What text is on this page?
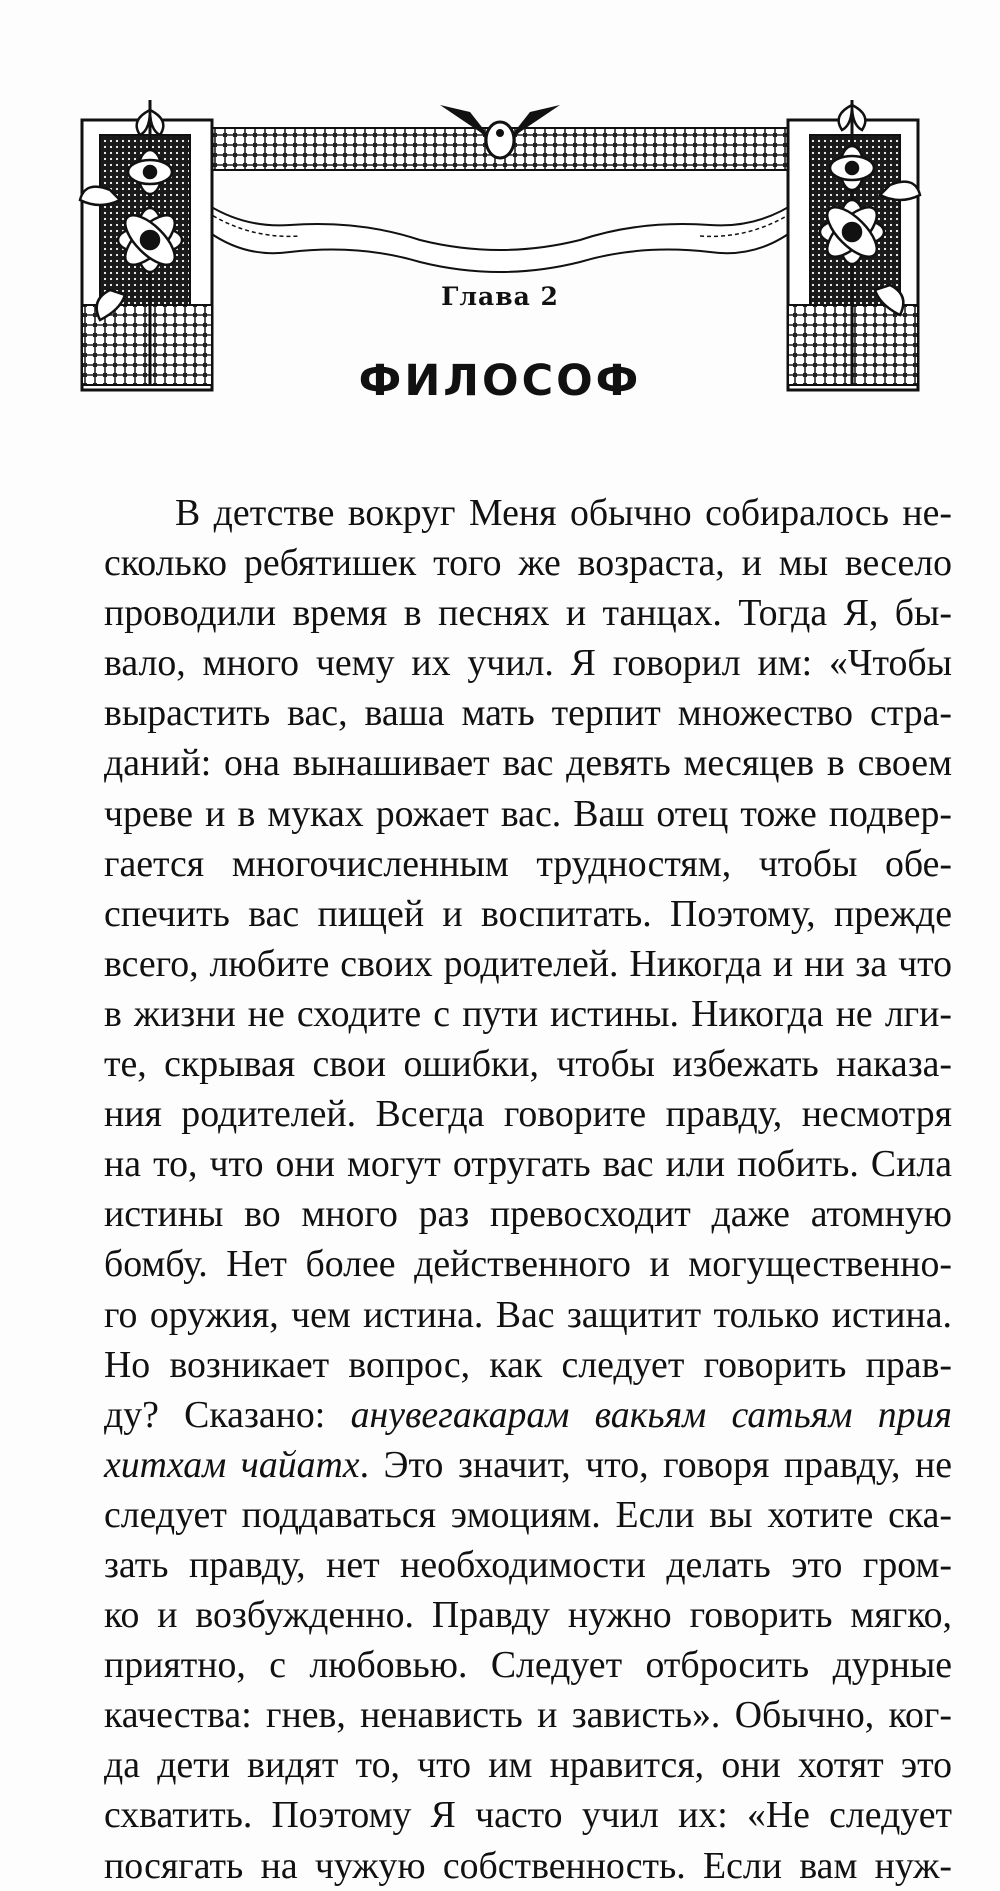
Глава 2
ФИЛОСОФ
В детстве вокруг Меня обычно собиралось не-
сколько ребятишек того же возраста, и мы весело
проводили время в песнях и танцах. Тогда Я, бы-
вало, много чему их учил. Я говорил им: «Чтобы
вырастить вас, ваша мать терпит множество стра-
даний: она вынашивает вас девять месяцев в своем
чреве и в муках рожает вас. Ваш отец тоже подвер-
гается многочисленным трудностям, чтобы обе-
спечить вас пищей и воспитать. Поэтому, прежде
всего, любите своих родителей. Никогда и ни за что
в жизни не сходите с пути истины. Никогда не лги-
те, скрывая свои ошибки, чтобы избежать наказа-
ния родителей. Всегда говорите правду, несмотря
на то, что они могут отругать вас или побить. Сила
истины во много раз превосходит даже атомную
бомбу. Нет более действенного и могущественно-
го оружия, чем истина. Вас защитит только истина.
Но возникает вопрос, как следует говорить прав-
ду? Сказано: анувегакарам вакьям сатьям прия
хитхам чайатх. Это значит, что, говоря правду, не
следует поддаваться эмоциям. Если вы хотите ска-
зать правду, нет необходимости делать это гром-
ко и возбужденно. Правду нужно говорить мягко,
приятно, с любовью. Следует отбросить дурные
качества: гнев, ненависть и зависть». Обычно, ког-
да дети видят то, что им нравится, они хотят это
схватить. Поэтому Я часто учил их: «Не следует
посягать на чужую собственность. Если вам нуж-
